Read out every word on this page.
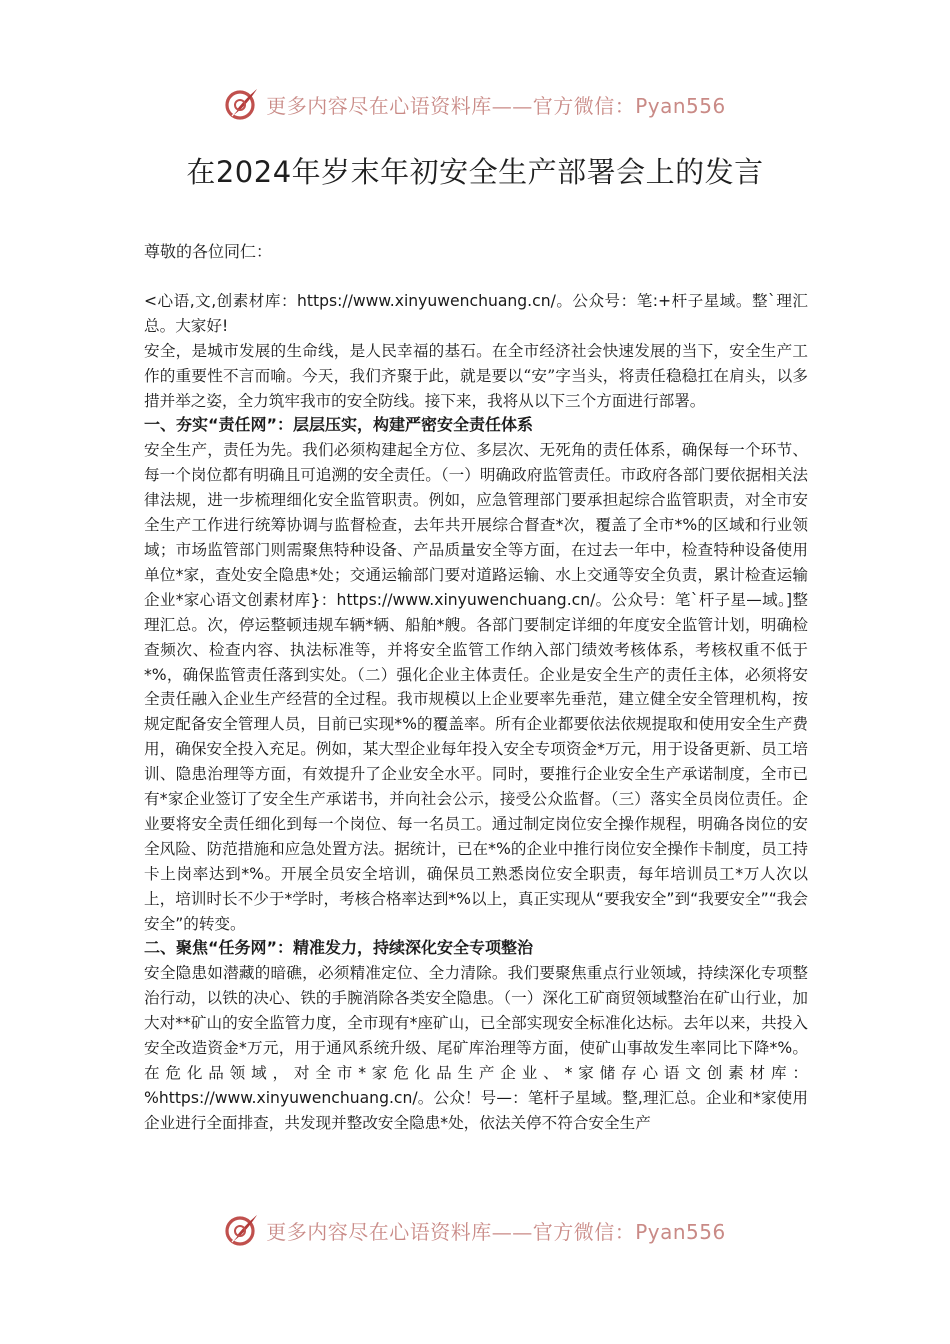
更多内容尽在心语资料库——官方微信：Pyan556
在2024年岁末年初安全生产部署会上的发言

尊敬的各位同仁：

<心语,文,创素材库：https://www.xinyuwenchuang.cn/。公众号：笔:+杆子星域。整`理汇总。大家好!

安全，是城市发展的生命线，是人民幸福的基石。在全市经济社会快速发展的当下，安全生产工作的重要性不言而喻。今天，我们齐聚于此，就是要以“安”字当头，将责任稳稳扛在肩头，以多措并举之姿，全力筑牢我市的安全防线。接下来，我将从以下三个方面进行部署。

一、夯实“责任网”：层层压实，构建严密安全责任体系

安全生产，责任为先。我们必须构建起全方位、多层次、无死角的责任体系，确保每一个环节、每一个岗位都有明确且可追溯的安全责任。（一）明确政府监管责任。市政府各部门要依据相关法律法规，进一步梳理细化安全监管职责。例如，应急管理部门要承担起综合监管职责，对全市安全生产工作进行统筹协调与监督检查，去年共开展综合督查*次，覆盖了全市*%的区域和行业领域；市场监管部门则需聚焦特种设备、产品质量安全等方面，在过去一年中，检查特种设备使用单位*家，查处安全隐患*处；交通运输部门要对道路运输、水上交通等安全负责，累计检查运输企业*家心语文创素材库}：https://www.xinyuwenchuang.cn/。公众号：笔`杆子星—域。]整理汇总。次，停运整顿违规车辆*辆、船舶*艘。各部门要制定详细的年度安全监管计划，明确检查频次、检查内容、执法标准等，并将安全监管工作纳入部门绩效考核体系，考核权重不低于*%，确保监管责任落到实处。（二）强化企业主体责任。企业是安全生产的责任主体，必须将安全责任融入企业生产经营的全过程。我市规模以上企业要率先垂范，建立健全安全管理机构，按规定配备安全管理人员，目前已实现*%的覆盖率。所有企业都要依法依规提取和使用安全生产费用，确保安全投入充足。例如，某大型企业每年投入安全专项资金*万元，用于设备更新、员工培训、隐患治理等方面，有效提升了企业安全水平。同时，要推行企业安全生产承诺制度，全市已有*家企业签订了安全生产承诺书，并向社会公示，接受公众监督。（三）落实全员岗位责任。企业要将安全责任细化到每一个岗位、每一名员工。通过制定岗位安全操作规程，明确各岗位的安全风险、防范措施和应急处置方法。据统计，已在*%的企业中推行岗位安全操作卡制度，员工持卡上岗率达到*%。开展全员安全培训，确保员工熟悉岗位安全职责，每年培训员工*万人次以上，培训时长不少于*学时，考核合格率达到*%以上，真正实现从“要我安全”到“我要安全”“我会安全”的转变。

二、聚焦“任务网”：精准发力，持续深化安全专项整治

安全隐患如潜藏的暗礁，必须精准定位、全力清除。我们要聚焦重点行业领域，持续深化专项整治行动，以铁的决心、铁的手腕消除各类安全隐患。（一）深化工矿商贸领域整治在矿山行业，加大对**矿山的安全监管力度，全市现有*座矿山，已全部实现安全标准化达标。去年以来，共投入安全改造资金*万元，用于通风系统升级、尾矿库治理等方面，使矿山事故发生率同比下降*%。在危化品领域，对全市*家危化品生产企业、*家储存心语文创素材库：%https://www.xinyuwenchuang.cn/。公众！号—：笔杆子星域。整,理汇总。企业和*家使用企业进行全面排查，共发现并整改安全隐患*处，依法关停不符合安全生产

更多内容尽在心语资料库——官方微信：Pyan556
